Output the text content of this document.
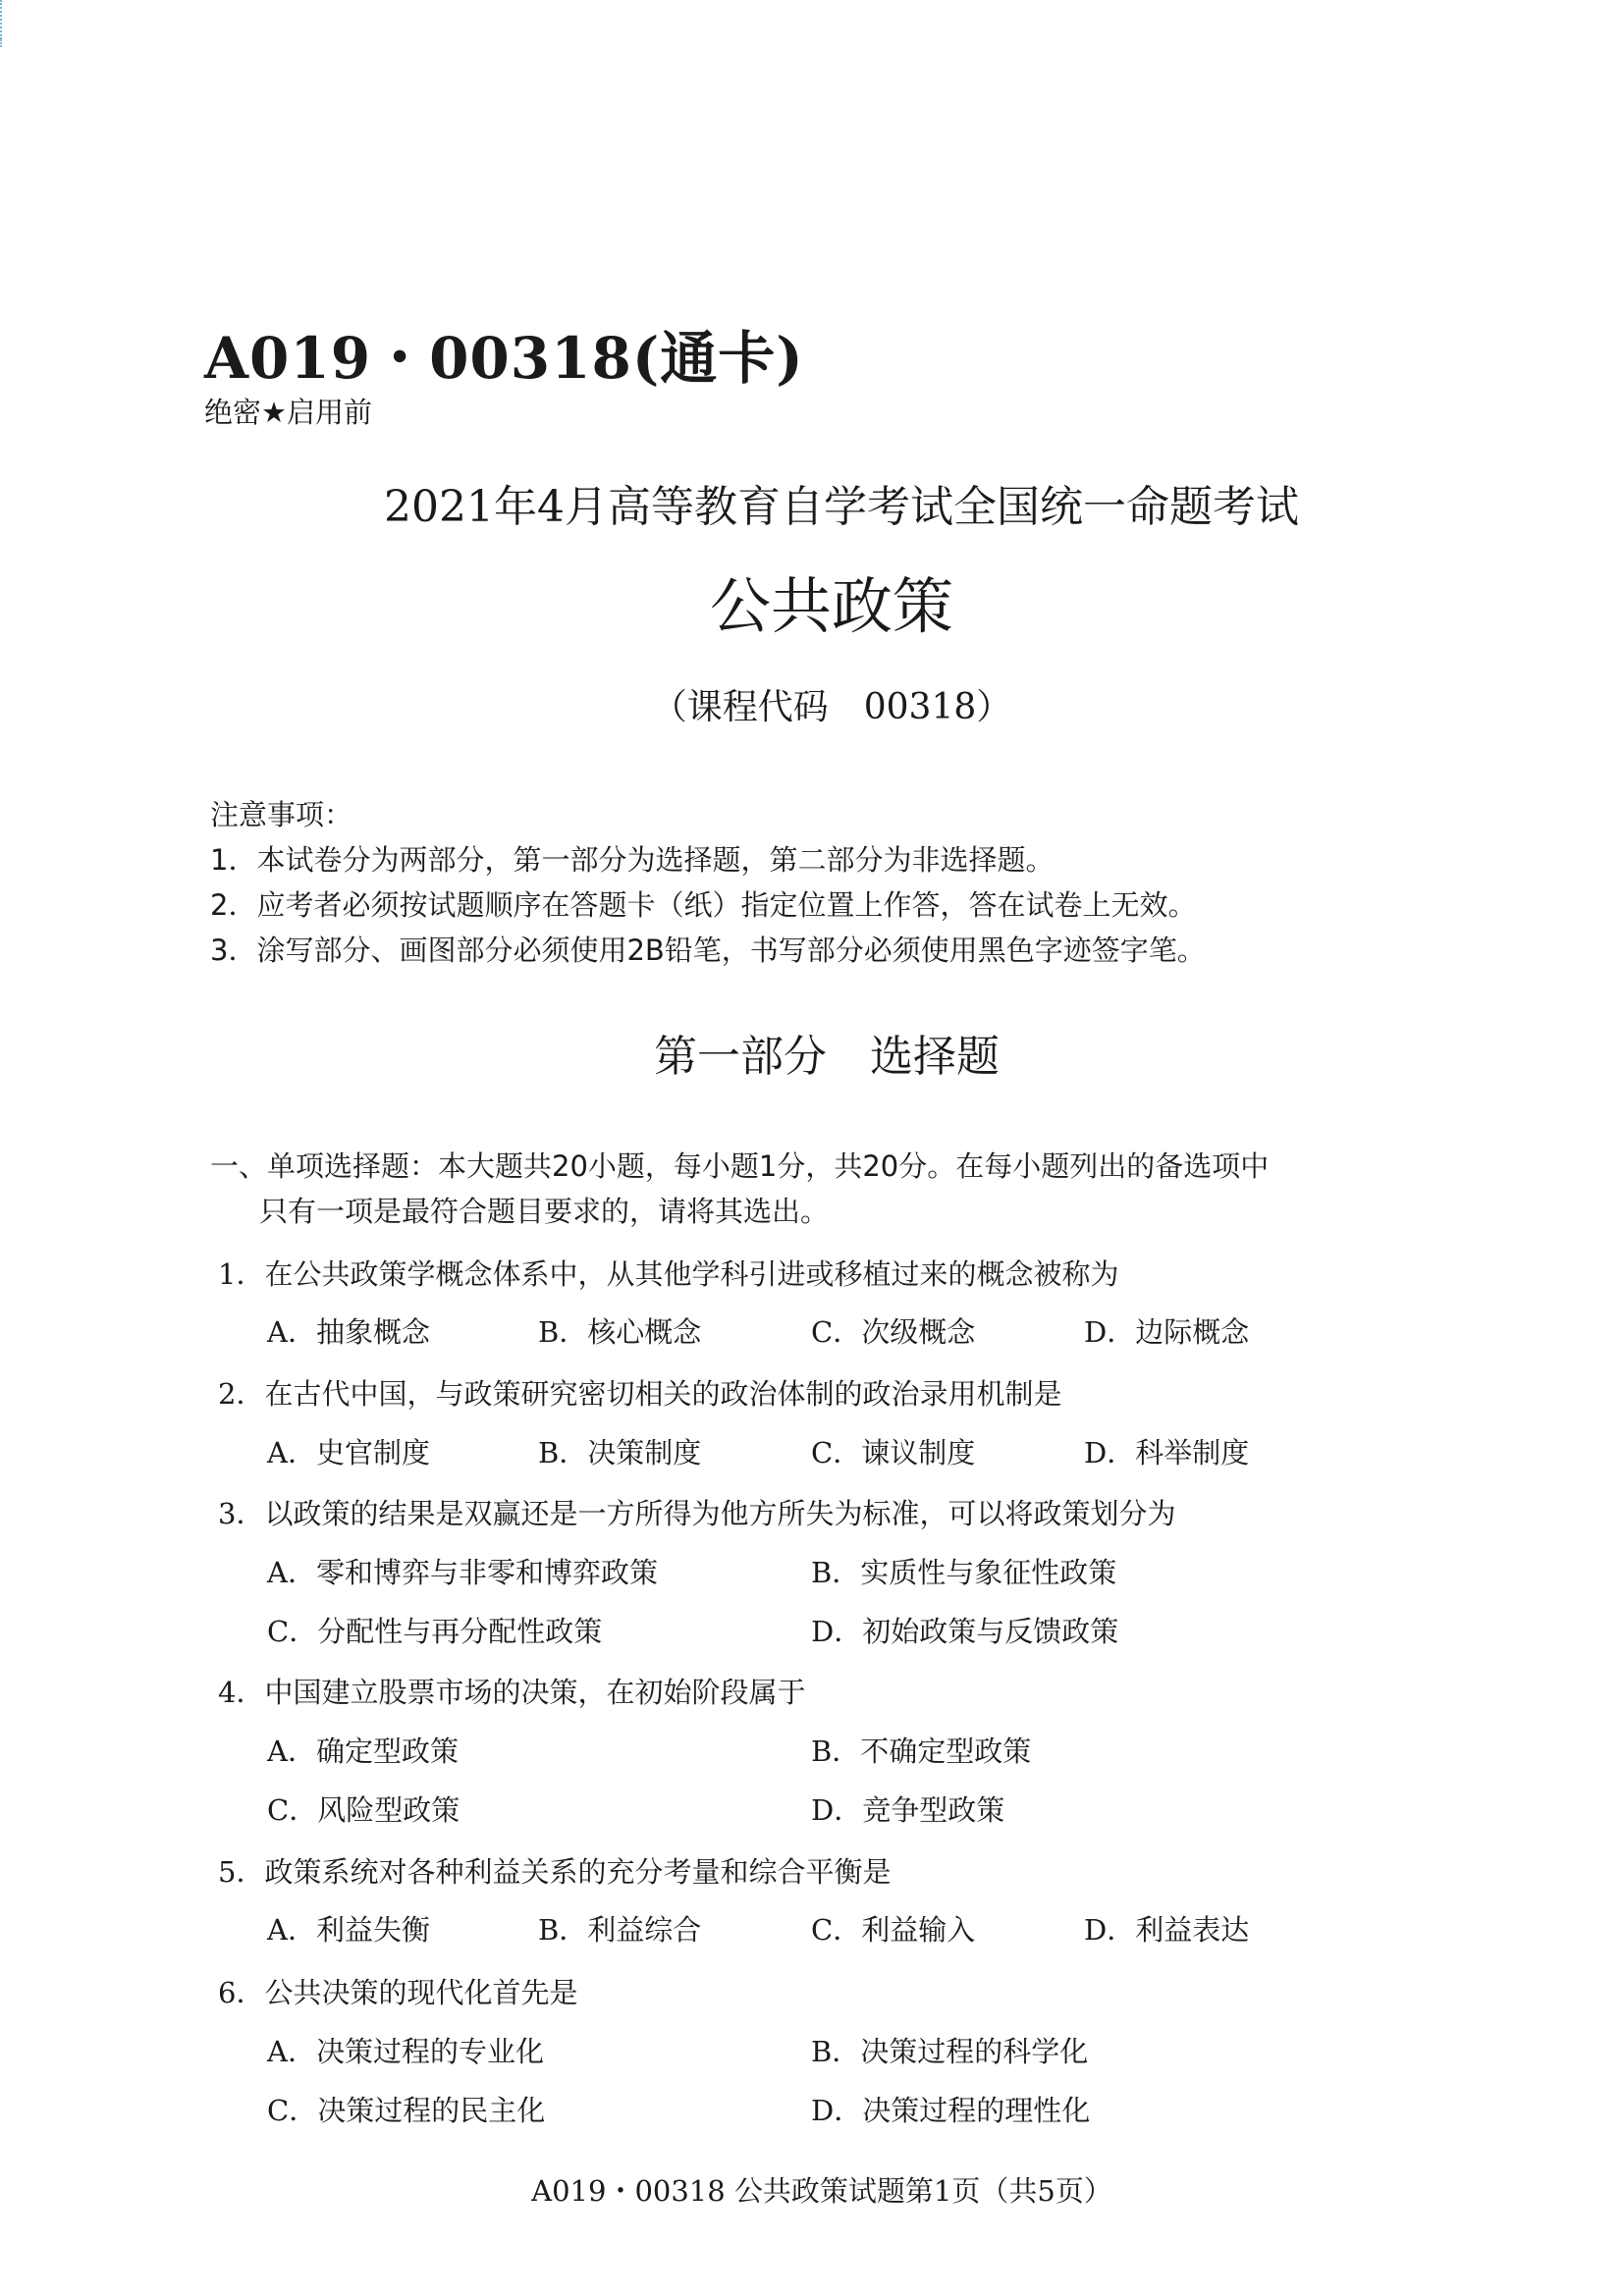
A019・00318(通卡)
绝密★启用前
2021年4月高等教育自学考试全国统一命题考试
公共政策
（课程代码　00318）
注意事项：
1．本试卷分为两部分，第一部分为选择题，第二部分为非选择题。
2．应考者必须按试题顺序在答题卡（纸）指定位置上作答，答在试卷上无效。
3．涂写部分、画图部分必须使用2B铅笔，书写部分必须使用黑色字迹签字笔。
第一部分　选择题
一、单项选择题：本大题共20小题，每小题1分，共20分。在每小题列出的备选项中
只有一项是最符合题目要求的，请将其选出。
1．在公共政策学概念体系中，从其他学科引进或移植过来的概念被称为
A．抽象概念	B．核心概念	C．次级概念	D．边际概念
2．在古代中国，与政策研究密切相关的政治体制的政治录用机制是
A．史官制度	B．决策制度	C．谏议制度	D．科举制度
3．以政策的结果是双赢还是一方所得为他方所失为标准，可以将政策划分为
A．零和博弈与非零和博弈政策	B．实质性与象征性政策
C．分配性与再分配性政策	D．初始政策与反馈政策
4．中国建立股票市场的决策，在初始阶段属于
A．确定型政策	B．不确定型政策
C．风险型政策	D．竞争型政策
5．政策系统对各种利益关系的充分考量和综合平衡是
A．利益失衡	B．利益综合	C．利益输入	D．利益表达
6．公共决策的现代化首先是
A．决策过程的专业化	B．决策过程的科学化
C．决策过程的民主化	D．决策过程的理性化
A019・00318 公共政策试题第1页（共5页）
